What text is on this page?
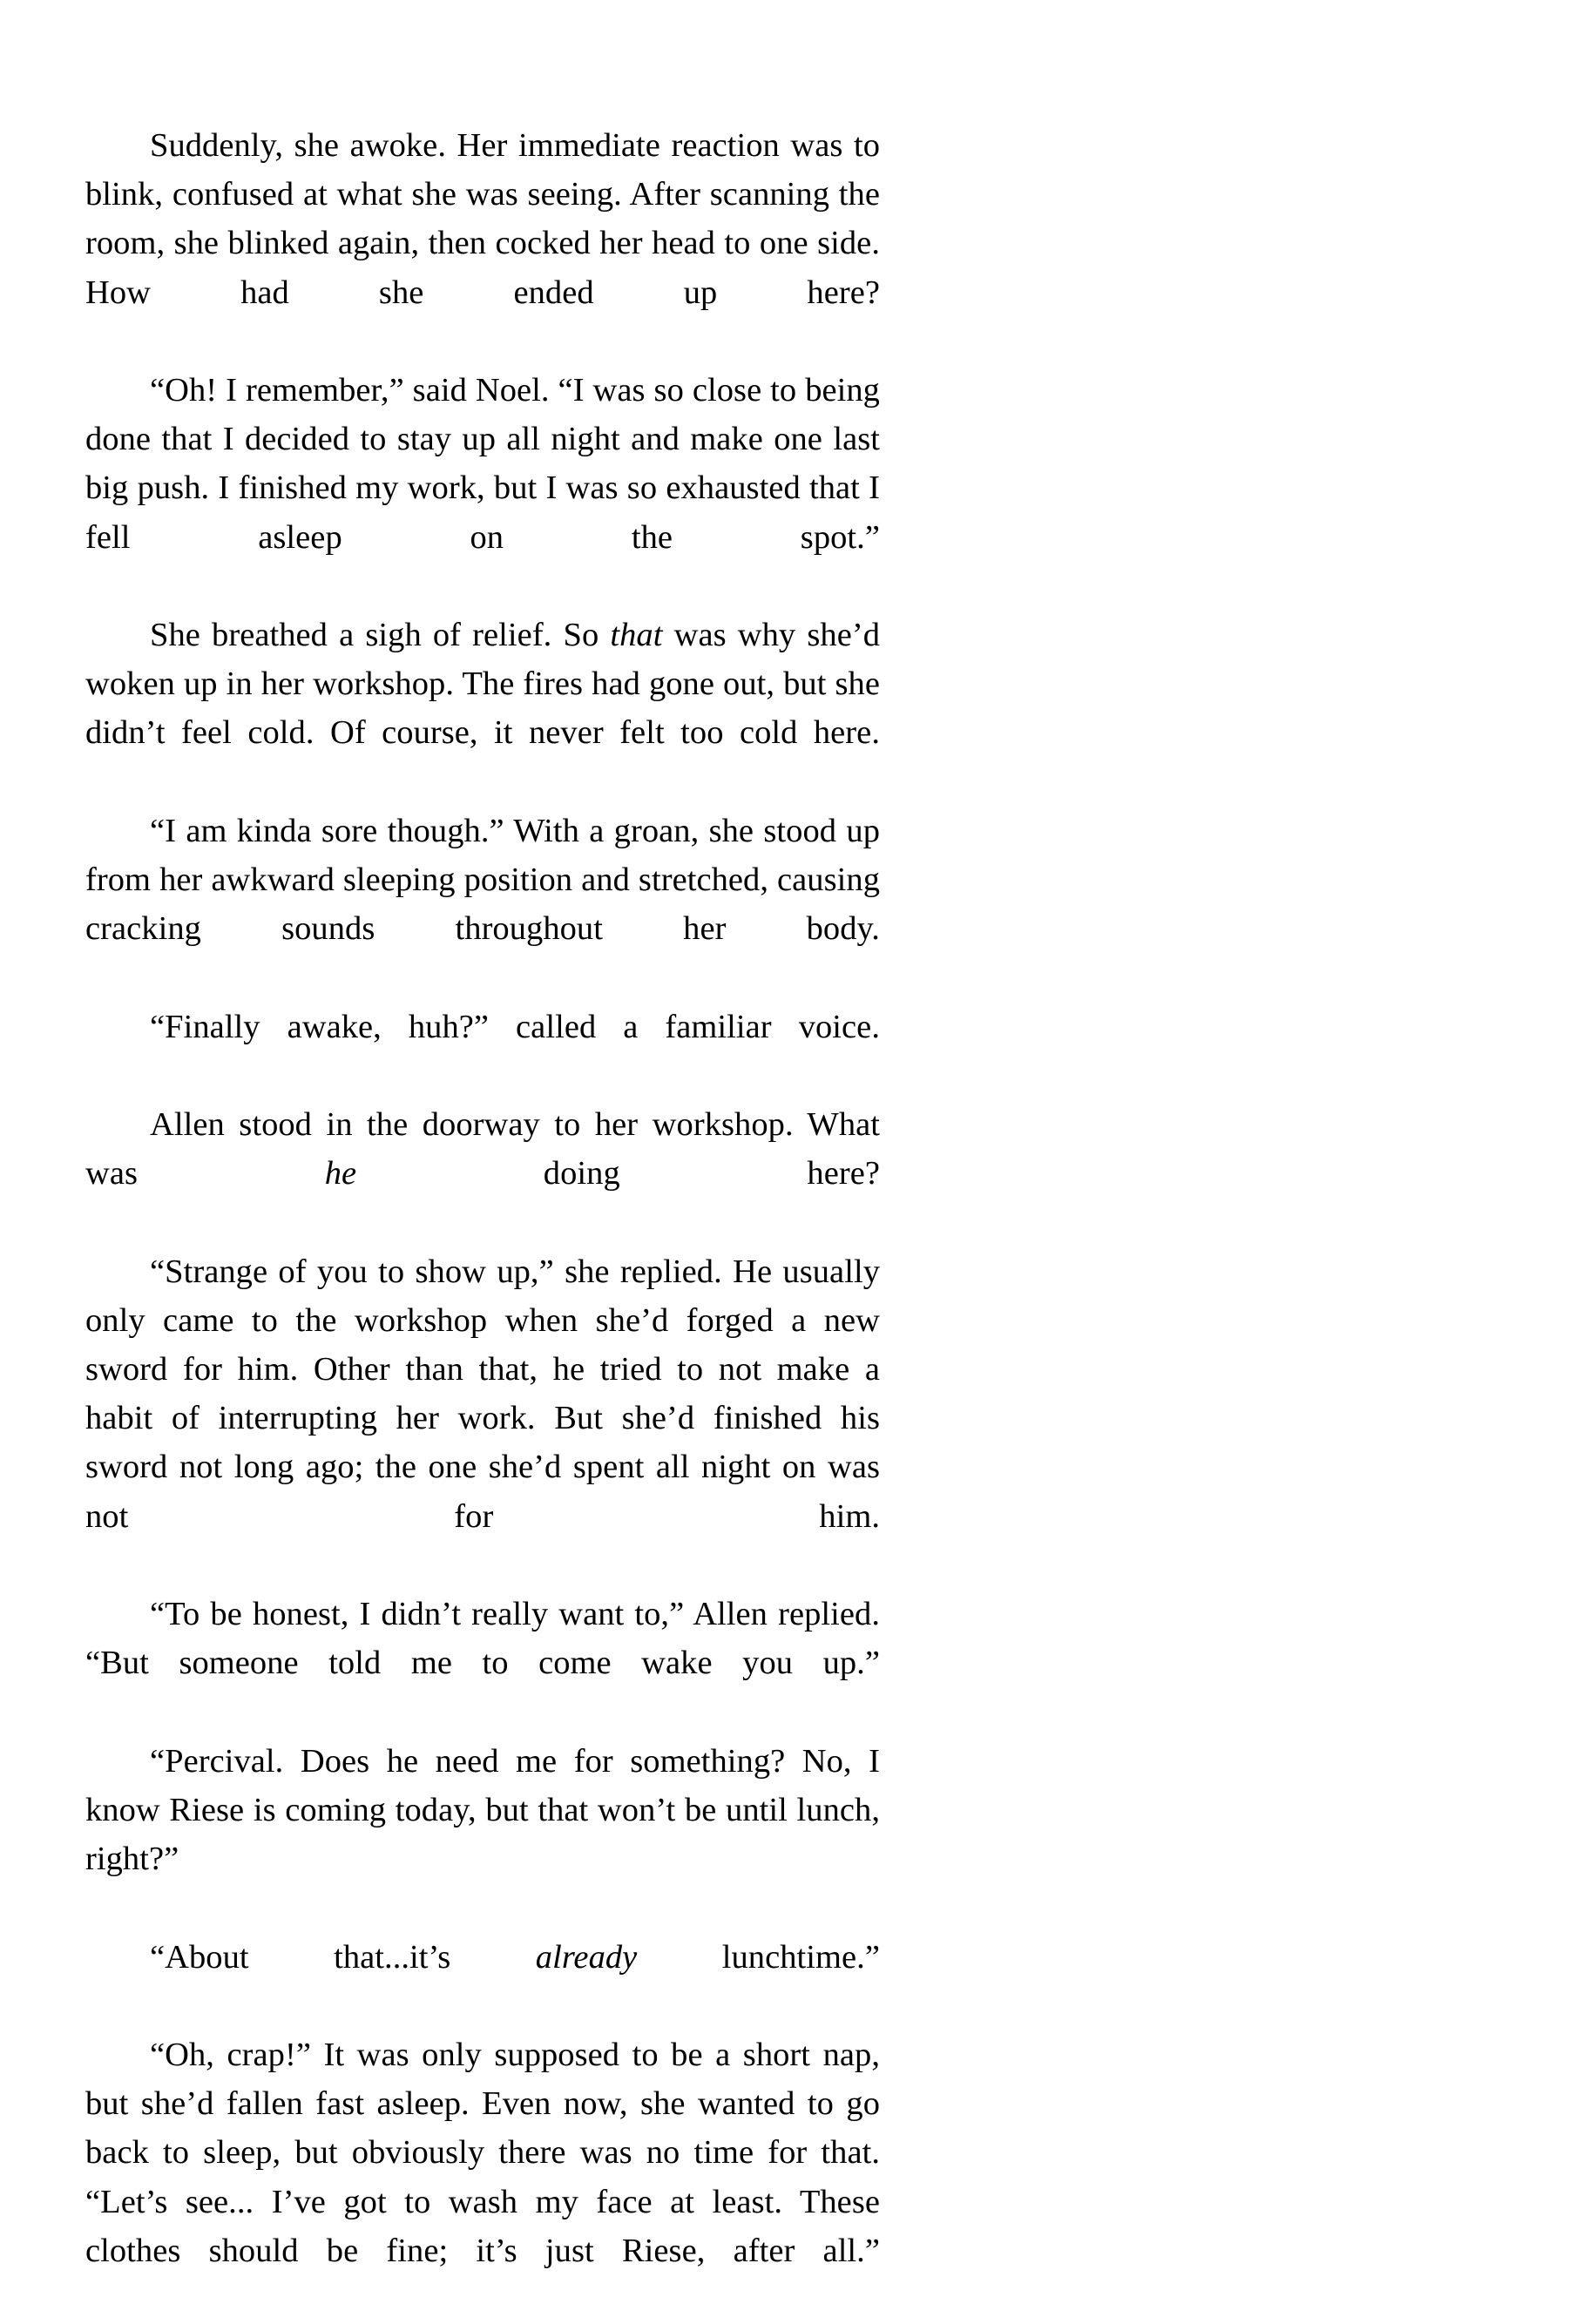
Suddenly, she awoke. Her immediate reaction was to blink, confused at what she was seeing. After scanning the room, she blinked again, then cocked her head to one side. How had she ended up here?

“Oh! I remember,” said Noel. “I was so close to being done that I decided to stay up all night and make one last big push. I finished my work, but I was so exhausted that I fell asleep on the spot.”

She breathed a sigh of relief. So that was why she’d woken up in her workshop. The fires had gone out, but she didn’t feel cold. Of course, it never felt too cold here.

“I am kinda sore though.” With a groan, she stood up from her awkward sleeping position and stretched, causing cracking sounds throughout her body.

“Finally awake, huh?” called a familiar voice.

Allen stood in the doorway to her workshop. What was he doing here?

“Strange of you to show up,” she replied. He usually only came to the workshop when she’d forged a new sword for him. Other than that, he tried to not make a habit of interrupting her work. But she’d finished his sword not long ago; the one she’d spent all night on was not for him.

“To be honest, I didn’t really want to,” Allen replied. “But someone told me to come wake you up.”

“Percival. Does he need me for something? No, I know Riese is coming today, but that won’t be until lunch, right?”

“About that...it’s already lunchtime.”

“Oh, crap!” It was only supposed to be a short nap, but she’d fallen fast asleep. Even now, she wanted to go back to sleep, but obviously there was no time for that. “Let’s see... I’ve got to wash my face at least. These clothes should be fine; it’s just Riese, after all.”
